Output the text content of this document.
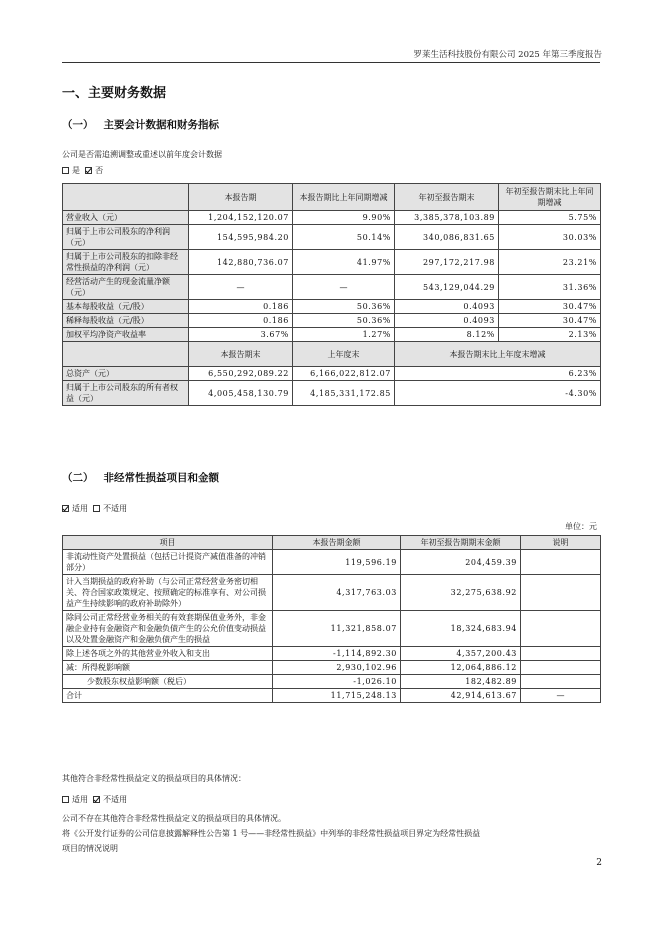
罗莱生活科技股份有限公司 2025 年第三季度报告
一、主要财务数据
（一） 主要会计数据和财务指标
公司是否需追溯调整或重述以前年度会计数据
是 否
	本报告期	本报告期比上年同期增减	年初至报告期末	年初至报告期末比上年同期增减
营业收入（元）	1,204,152,120.07	9.90%	3,385,378,103.89	5.75%
归属于上市公司股东的净利润（元）	154,595,984.20	50.14%	340,086,831.65	30.03%
归属于上市公司股东的扣除非经常性损益的净利润（元）	142,880,736.07	41.97%	297,172,217.98	23.21%
经营活动产生的现金流量净额（元）	—	—	543,129,044.29	31.36%
基本每股收益（元/股）	0.186	50.36%	0.4093	30.47%
稀释每股收益（元/股）	0.186	50.36%	0.4093	30.47%
加权平均净资产收益率	3.67%	1.27%	8.12%	2.13%
	本报告期末	上年度末	本报告期末比上年度末增减	
总资产（元）	6,550,292,089.22	6,166,022,812.07	6.23%	
归属于上市公司股东的所有者权益（元）	4,005,458,130.79	4,185,331,172.85	-4.30%	
（二） 非经常性损益项目和金额
适用 不适用
单位：元
项目	本报告期金额	年初至报告期期末金额	说明
非流动性资产处置损益（包括已计提资产减值准备的冲销部分）	119,596.19	204,459.39	
计入当期损益的政府补助（与公司正常经营业务密切相关、符合国家政策规定、按照确定的标准享有、对公司损益产生持续影响的政府补助除外）	4,317,763.03	32,275,638.92	
除同公司正常经营业务相关的有效套期保值业务外，非金融企业持有金融资产和金融负债产生的公允价值变动损益以及处置金融资产和金融负债产生的损益	11,321,858.07	18,324,683.94	
除上述各项之外的其他营业外收入和支出	-1,114,892.30	4,357,200.43	
减：所得税影响额	2,930,102.96	12,064,886.12	
少数股东权益影响额（税后）	-1,026.10	182,482.89	
合计	11,715,248.13	42,914,613.67	—
其他符合非经常性损益定义的损益项目的具体情况：
适用 不适用
公司不存在其他符合非经常性损益定义的损益项目的具体情况。
将《公开发行证券的公司信息披露解释性公告第 1 号——非经常性损益》中列举的非经常性损益项目界定为经常性损益
项目的情况说明
2
